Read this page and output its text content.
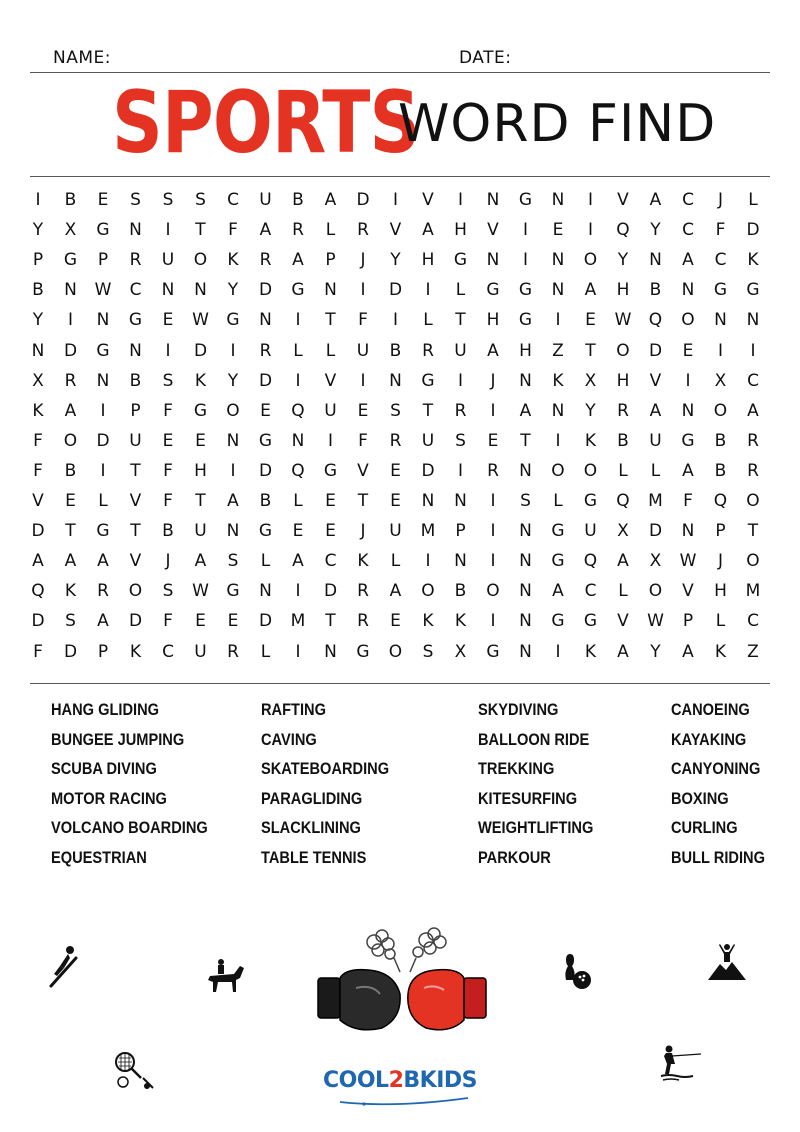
NAME:	DATE:
SPORTS
WORD FIND
I	B	E	S	S	S	C	U	B	A	D	I	V	I	N	G	N	I	V	A	C	J	L
Y	X	G	N	I	T	F	A	R	L	R	V	A	H	V	I	E	I	Q	Y	C	F	D
P	G	P	R	U	O	K	R	A	P	J	Y	H	G	N	I	N	O	Y	N	A	C	K
B	N	W	C	N	N	Y	D	G	N	I	D	I	L	G	G	N	A	H	B	N	G	G
Y	I	N	G	E	W	G	N	I	T	F	I	L	T	H	G	I	E	W	Q	O	N	N
N	D	G	N	I	D	I	R	L	L	U	B	R	U	A	H	Z	T	O	D	E	I	I
X	R	N	B	S	K	Y	D	I	V	I	N	G	I	J	N	K	X	H	V	I	X	C
K	A	I	P	F	G	O	E	Q	U	E	S	T	R	I	A	N	Y	R	A	N	O	A
F	O	D	U	E	E	N	G	N	I	F	R	U	S	E	T	I	K	B	U	G	B	R
F	B	I	T	F	H	I	D	Q	G	V	E	D	I	R	N	O	O	L	L	A	B	R
V	E	L	V	F	T	A	B	L	E	T	E	N	N	I	S	L	G	Q	M	F	Q	O
D	T	G	T	B	U	N	G	E	E	J	U	M	P	I	N	G	U	X	D	N	P	T
A	A	A	V	J	A	S	L	A	C	K	L	I	N	I	N	G	Q	A	X	W	J	O
Q	K	R	O	S	W	G	N	I	D	R	A	O	B	O	N	A	C	L	O	V	H	M
D	S	A	D	F	E	E	D	M	T	R	E	K	K	I	N	G	G	V	W	P	L	C
F	D	P	K	C	U	R	L	I	N	G	O	S	X	G	N	I	K	A	Y	A	K	Z
HANG GLIDING
BUNGEE JUMPING
SCUBA DIVING
MOTOR RACING
VOLCANO BOARDING
EQUESTRIAN
RAFTING
CAVING
SKATEBOARDING
PARAGLIDING
SLACKLINING
TABLE TENNIS
SKYDIVING
BALLOON RIDE
TREKKING
KITESURFING
WEIGHTLIFTING
PARKOUR
CANOEING
KAYAKING
CANYONING
BOXING
CURLING
BULL RIDING
COOL2BKIDS
